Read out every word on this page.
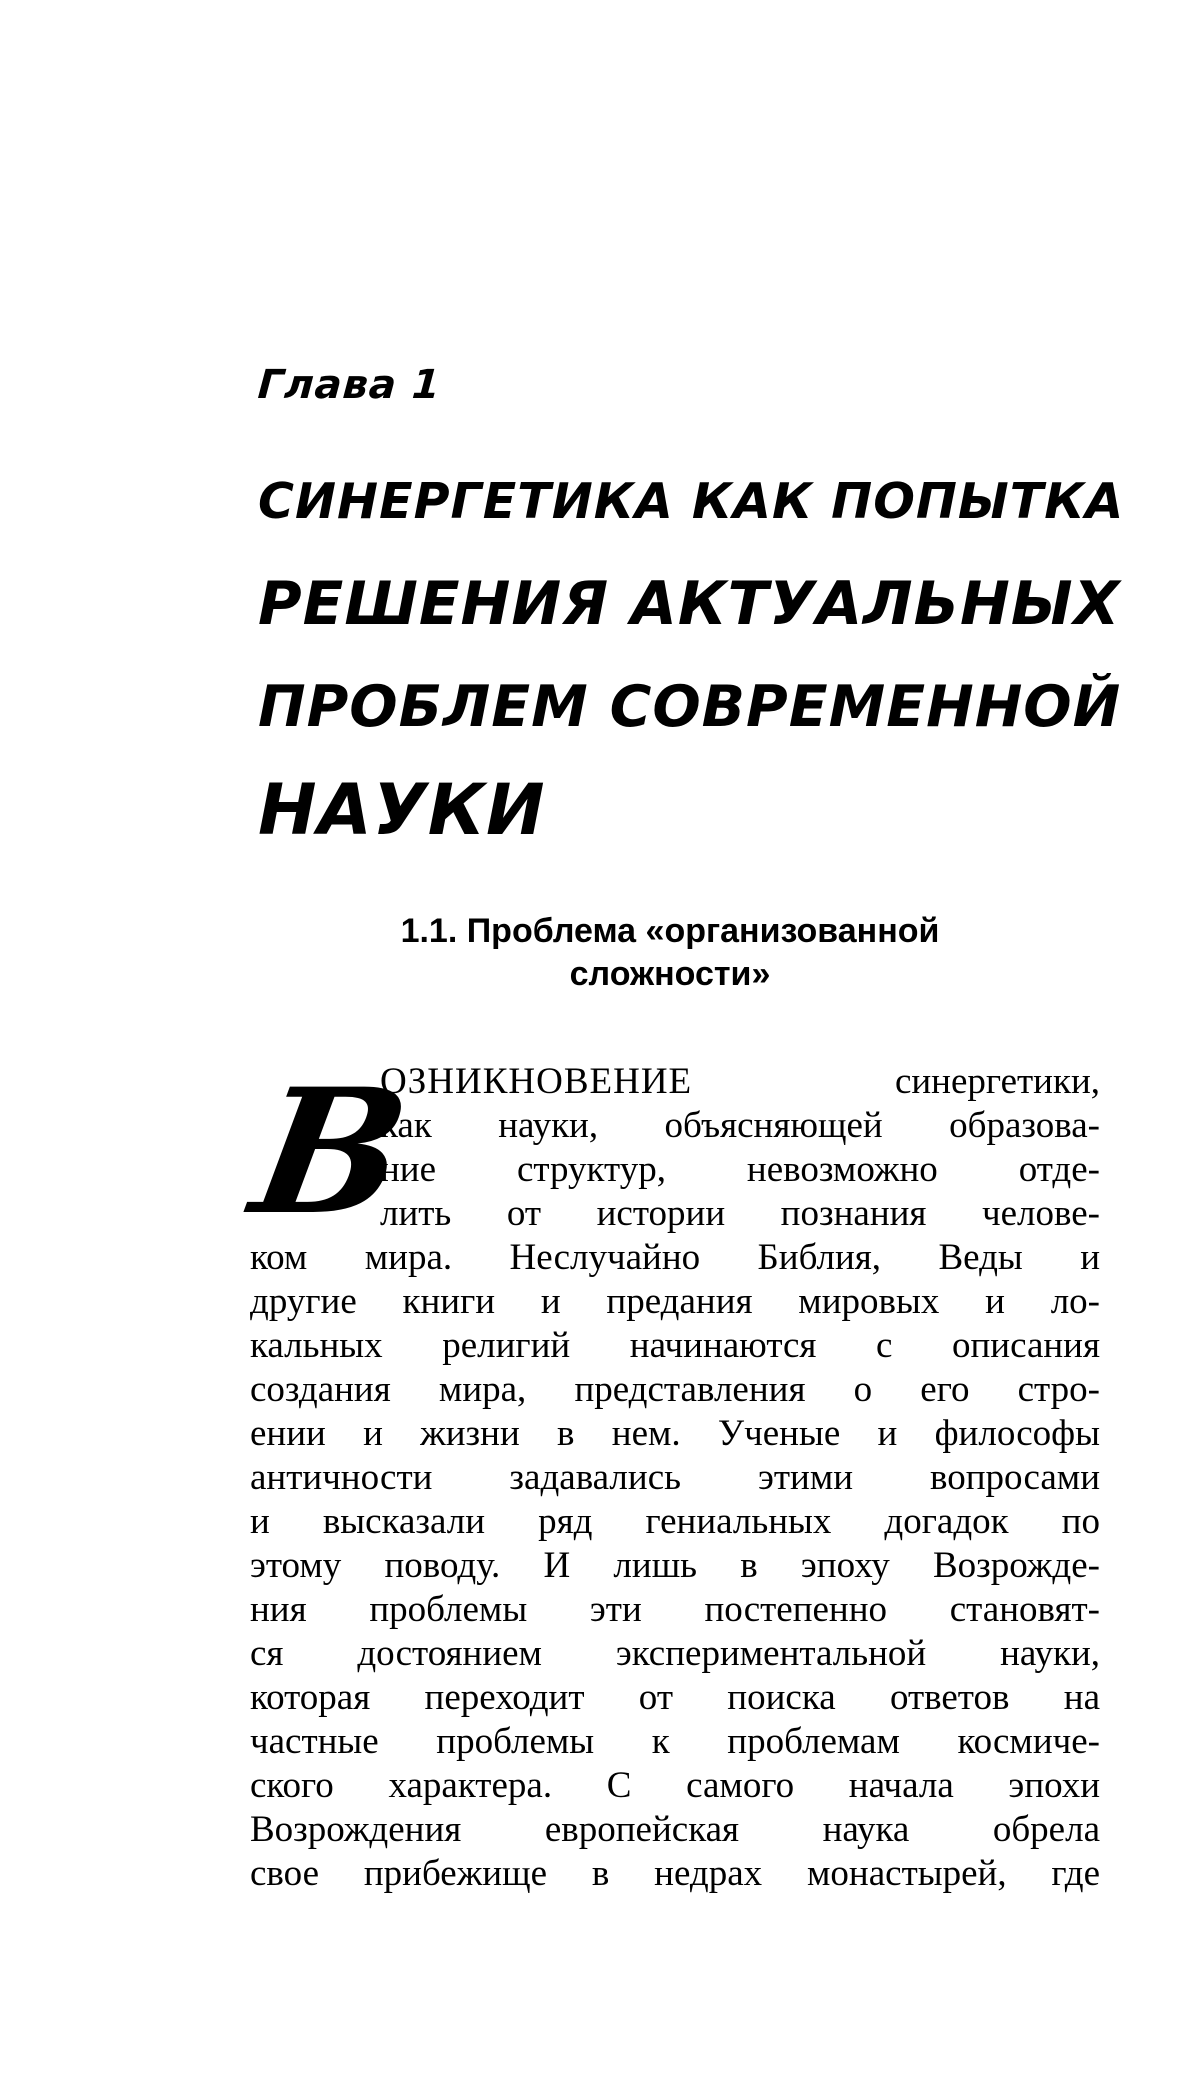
Глава 1
СИНЕРГЕТИКА КАК ПОПЫТКА
РЕШЕНИЯ АКТУАЛЬНЫХ
ПРОБЛЕМ СОВРЕМЕННОЙ
НАУКИ
1.1. Проблема «организованной
сложности»
В
ОЗНИКНОВЕНИЕ синергетики,
как науки, объясняющей образова-
ние структур, невозможно отде-
лить от истории познания челове-
ком мира. Неслучайно Библия, Веды и
другие книги и предания мировых и ло-
кальных религий начинаются с описания
создания мира, представления о его стро-
ении и жизни в нем. Ученые и философы
античности задавались этими вопросами
и высказали ряд гениальных догадок по
этому поводу. И лишь в эпоху Возрожде-
ния проблемы эти постепенно становят-
ся достоянием экспериментальной науки,
которая переходит от поиска ответов на
частные проблемы к проблемам космиче-
ского характера. С самого начала эпохи
Возрождения европейская наука обрела
свое прибежище в недрах монастырей, где
